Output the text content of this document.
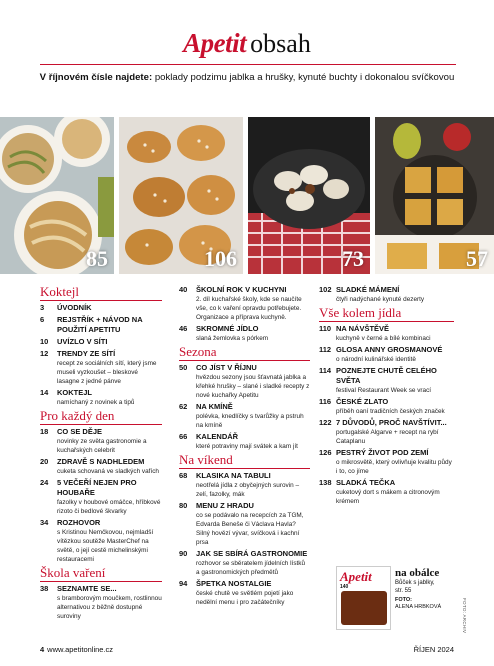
Apetit obsah
V říjnovém čísle najdete: poklady podzimu jablka a hrušky, kynuté buchty i dokonalou svíčkovou
85	106	73	57
Koktejl
3	ÚVODNÍK
6	REJSTŘÍK + NÁVOD NA POUŽITÍ APETITU
10	UVÍZLO V SÍTI
12	TRENDY ZE SÍTÍ
recept ze sociálních sítí, který jsme museli vyzkoušet – bleskové lasagne z jedné pánve
14	KOKTEJL
namíchaný z novinek a tipů
Pro každý den
18	CO SE DĚJE
novinky ze světa gastronomie a kuchařských celebrit
20	ZDRAVĚ S NADHLEDEM
cuketa schovaná ve sladkých vafích
24	5 VEČEŘÍ NEJEN PRO HOUBAŘE
fazolky v houbové omáčce, hříbkové rizoto či bedlové škvarky
34	ROZHOVOR
s Kristinou Nemčkovou, nejmladší vítězkou soutěže MasterChef na světě, o její cestě michelinskými restauracemi
Škola vaření
38	SEZNAMTE SE...
s bramborovým moučkem, rostlinnou alternativou z běžně dostupné suroviny
40	ŠKOLNÍ ROK V KUCHYNI
2. díl kuchařské školy, kde se naučíte vše, co k vaření opravdu potřebujete. Organizace a příprava kuchyně.
46	SKROMNÉ JÍDLO
slaná žemlovka s pórkem
Sezona
50	CO JÍST V ŘÍJNU
hvězdou sezony jsou šťavnatá jablka a křehké hrušky – slané i sladké recepty z nové kuchařky Apetitu
62	NA KMÍNĚ
polévka, knedlíčky s tvarůžky a pstruh na kmíně
66	KALENDÁŘ
které potraviny mají svátek a kam jít
Na víkend
68	KLASIKA NA TABULI
neotřelá jídla z obyčejných surovin – zelí, fazolky, mák
80	MENU Z HRADU
co se podávalo na recepcích za TGM, Edvarda Beneše či Václava Havla? Silný hovězí vývar, svíčková i kachní prsa
90	JAK SE SBÍRÁ GASTRONOMIE
rozhovor se sběratelem jídelních lístků a gastronomických předmětů
94	ŠPETKA NOSTALGIE
české chutě ve světlém pojetí jako nedělní menu i pro začátečníky
102 SLADKÉ MÁMENÍ
čtyři nadýchané kynuté dezerty
Vše kolem jídla
110 NA NÁVŠTĚVĚ
kuchyně v černé a bílé kombinaci
112 GLOSA ANNY GROSMANOVÉ
o národní kulinářské identitě
114 POZNEJTE CHUTĚ CELÉHO SVĚTA
festival Restaurant Week se vrací
116 ČESKÉ ZLATO
příběh oaní tradičních českých značek
122 7 DŮVODŮ, PROČ NAVŠTÍVIT...
portugalské Algarve + recept na rybí Cataplanu
126 PESTRÝ ŽIVOT POD ZEMÍ
o mikrosvětě, který ovlivňuje kvalitu půdy i to, co jíme
138 SLADKÁ TEČKA
cuketový dort s mákem a citronovým krémem
Apetit
140
na obálce
Bůček s jablky,
str. 55
FOTO:
ALENA HRBKOVÁ	FOTO: ARCHIV
4 www.apetitonline.cz	ŘÍJEN 2024
